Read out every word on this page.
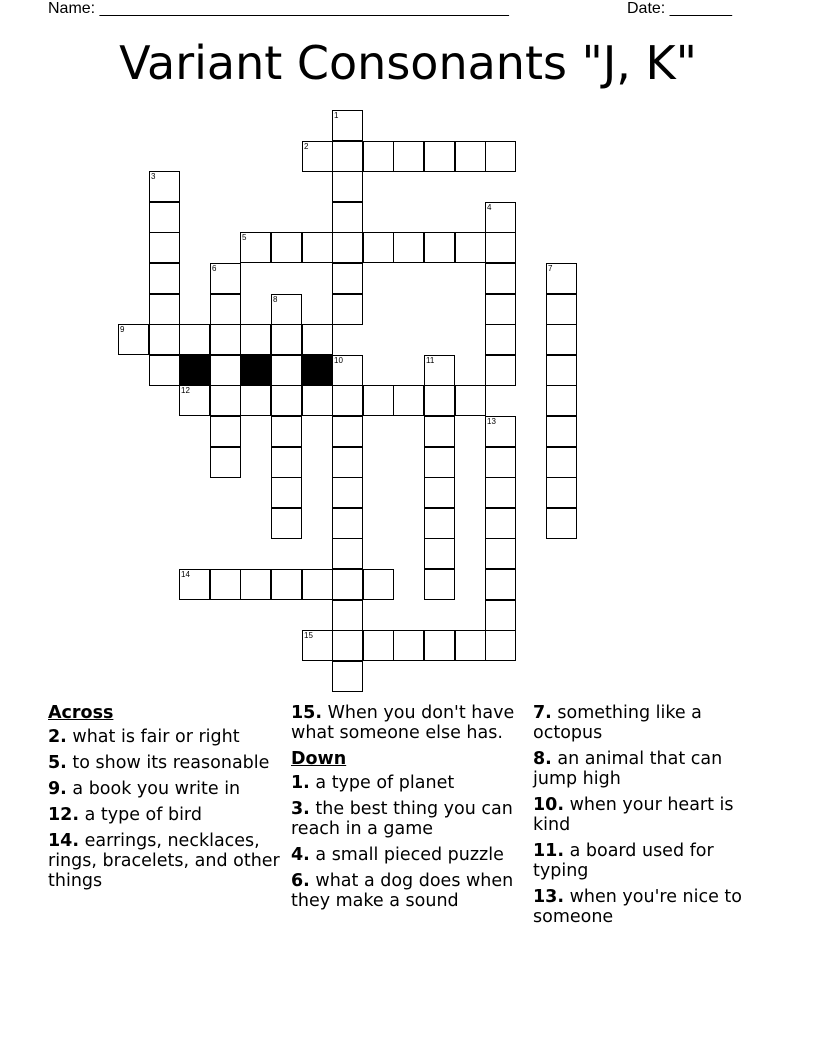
Name: ______________________________________________	Date: _______
Variant Consonants "J, K"
1
2
3
4
5
6	7
8
9
10	11
12
13
14
15
Across
2. what is fair or right
5. to show its reasonable
9. a book you write in
12. a type of bird
14. earrings, necklaces, rings, bracelets, and other things
15. When you don't have what someone else has.
Down
1. a type of planet
3. the best thing you can reach in a game
4. a small pieced puzzle
6. what a dog does when they make a sound
7. something like a octopus
8. an animal that can jump high
10. when your heart is kind
11. a board used for typing
13. when you're nice to someone
